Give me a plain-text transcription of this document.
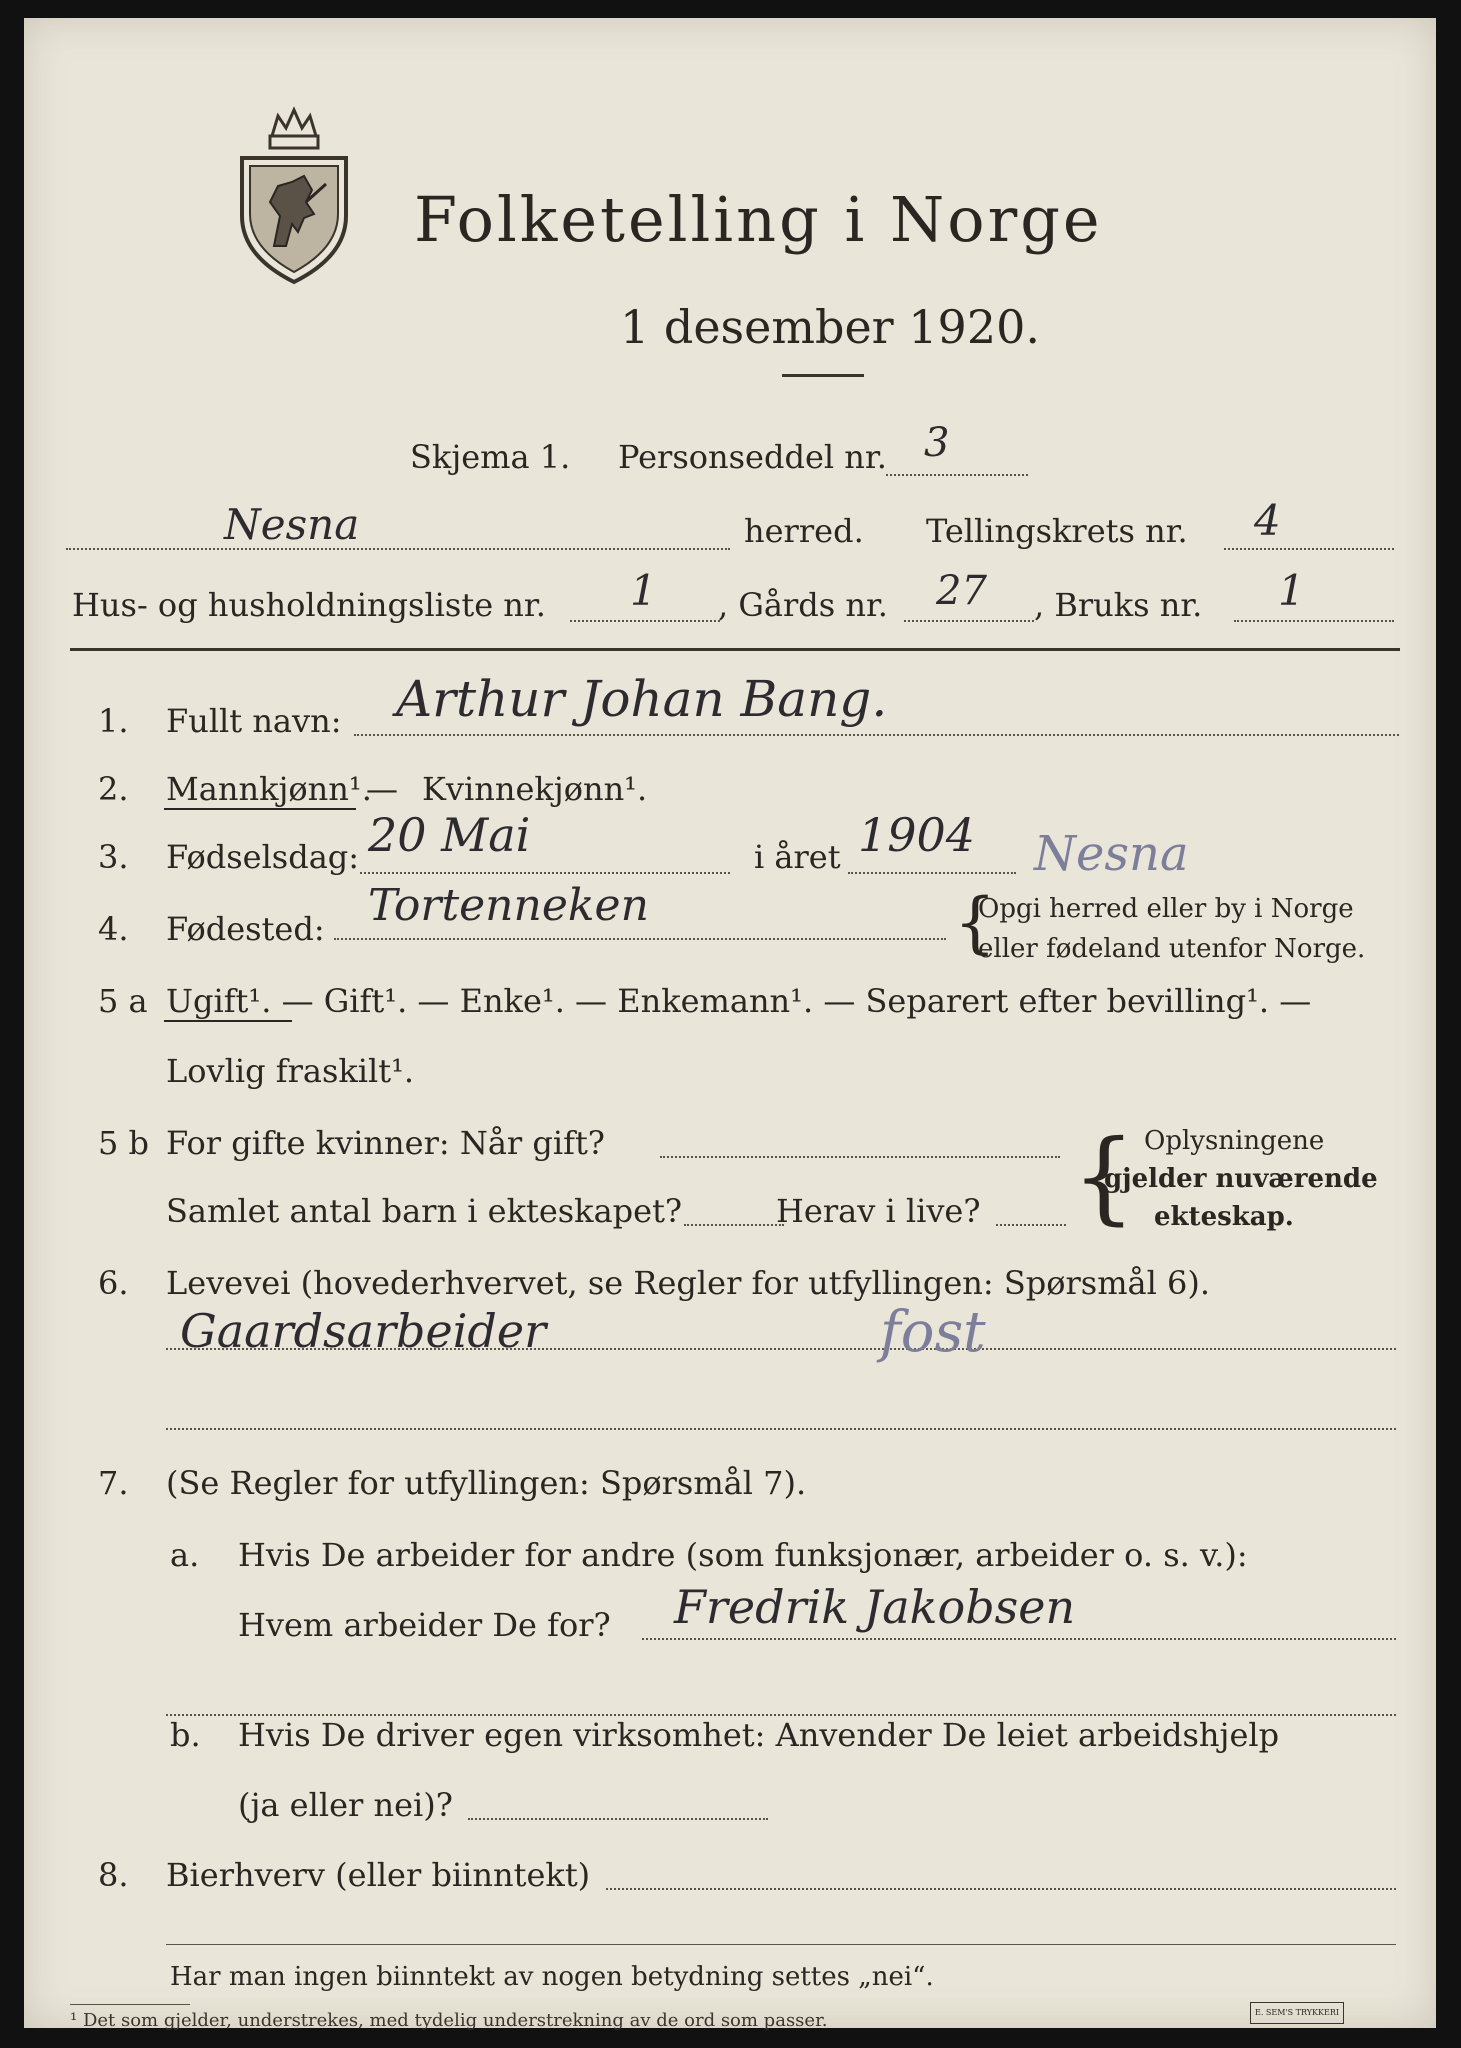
Folketelling i Norge
1 desember 1920.
Skjema 1. Personseddel nr. 3
Nesna	herred. Tellingskrets nr. 4
Hus- og husholdningsliste nr. 1 , Gårds nr. 27 , Bruks nr. 1
1. Fullt navn: Arthur Johan Bang.
2. Mannkjønn¹.
— Kvinnekjønn¹.
3. Fødselsdag: 20 Mai	i året 1904 Nesna
4. Fødested: Tortenneken	{
Opgi herred eller by i Norge
eller fødeland utenfor Norge.
5 a Ugift¹. — Gift¹. — Enke¹. — Enkemann¹. — Separert efter bevilling¹. —
Lovlig fraskilt¹.
5 b For gifte kvinner: Når gift?
Samlet antal barn i ekteskapet?	Herav i live? { Oplysningene
gjelder nuværende
ekteskap.
6. Levevei (hovederhvervet, se Regler for utfyllingen: Spørsmål 6).
Gaardsarbeider	fost
7. (Se Regler for utfyllingen: Spørsmål 7).
a. Hvis De arbeider for andre (som funksjonær, arbeider o. s. v.):
Hvem arbeider De for? Fredrik Jakobsen
b. Hvis De driver egen virksomhet: Anvender De leiet arbeidshjelp
(ja eller nei)?
8. Bierhverv (eller biinntekt)
Har man ingen biinntekt av nogen betydning settes „nei“.
¹ Det som gjelder, understrekes, med tydelig understrekning av de ord som passer.	E. SEM'S TRYKKERI
